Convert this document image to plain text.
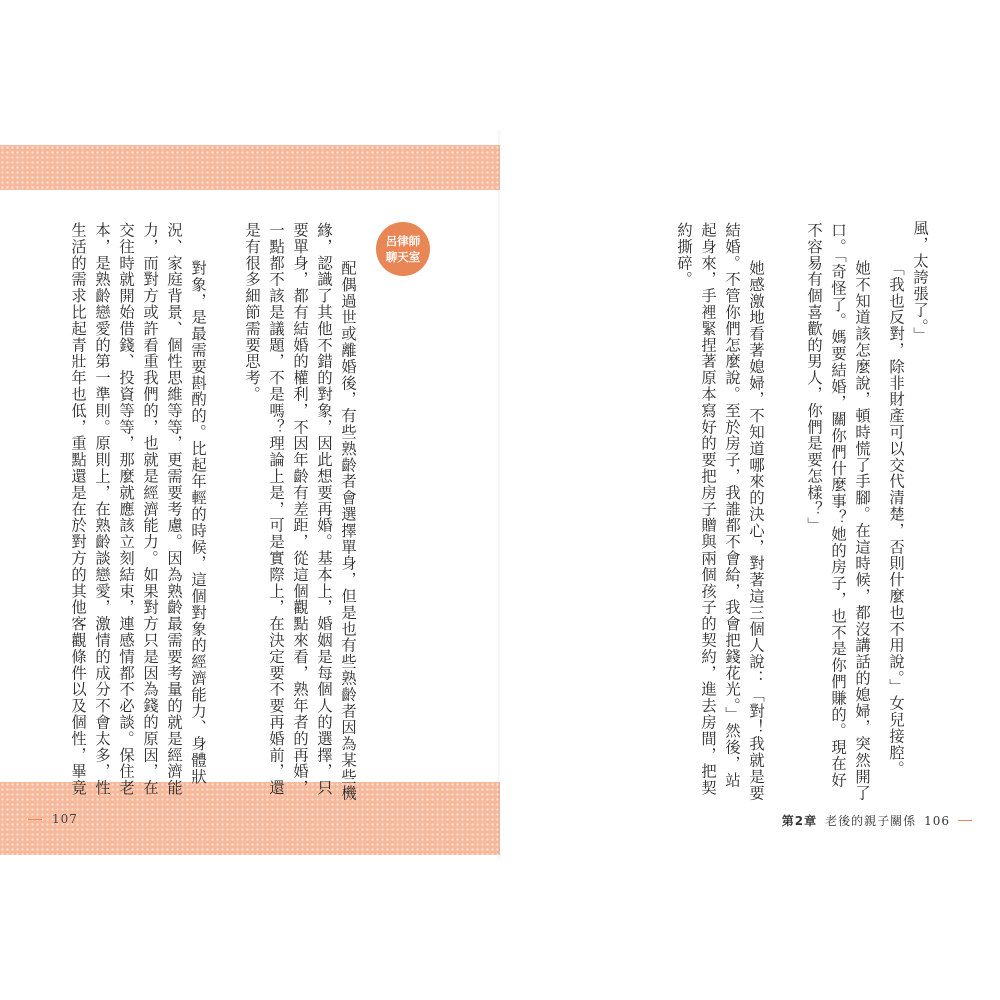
風，太誇張了。」
「我也反對，除非財產可以交代清楚，否則什麼也不用說。」女兒接腔。
她不知道該怎麼說，頓時慌了手腳。在這時候，都沒講話的媳婦，突然開了
口。「奇怪了。媽要結婚，關你們什麼事？她的房子，也不是你們賺的。現在好
不容易有個喜歡的男人，你們是要怎樣？」
她感激地看著媳婦，不知道哪來的決心，對著這三個人說：「對！我就是要
結婚。不管你們怎麼說。至於房子，我誰都不會給，我會把錢花光。」然後，站
起身來，手裡緊捏著原本寫好的要把房子贈與兩個孩子的契約，進去房間，把契
約撕碎。
呂律師
聊天室
配偶過世或離婚後，有些熟齡者會選擇單身，但是也有些熟齡者因為某些機
緣，認識了其他不錯的對象，因此想要再婚。基本上，婚姻是每個人的選擇，只
要單身，都有結婚的權利，不因年齡有差距，從這個觀點來看，熟年者的再婚，
一點都不該是議題，不是嗎？理論上是，可是實際上，在決定要不要再婚前，還
是有很多細節需要思考。
對象，是最需要斟酌的。比起年輕的時候，這個對象的經濟能力、身體狀
況、家庭背景、個性思維等等，更需要考慮。因為熟齡最需要考量的就是經濟能
力，而對方或許看重我們的，也就是經濟能力。如果對方只是因為錢的原因，在
交往時就開始借錢、投資等等，那麼就應該立刻結束，連感情都不必談。保住老
本，是熟齡戀愛的第一準則。原則上，在熟齡談戀愛，激情的成分不會太多，性
生活的需求比起青壯年也低，重點還是在於對方的其他客觀條件以及個性，畢竟
107	第2章 老後的親子關係 106
